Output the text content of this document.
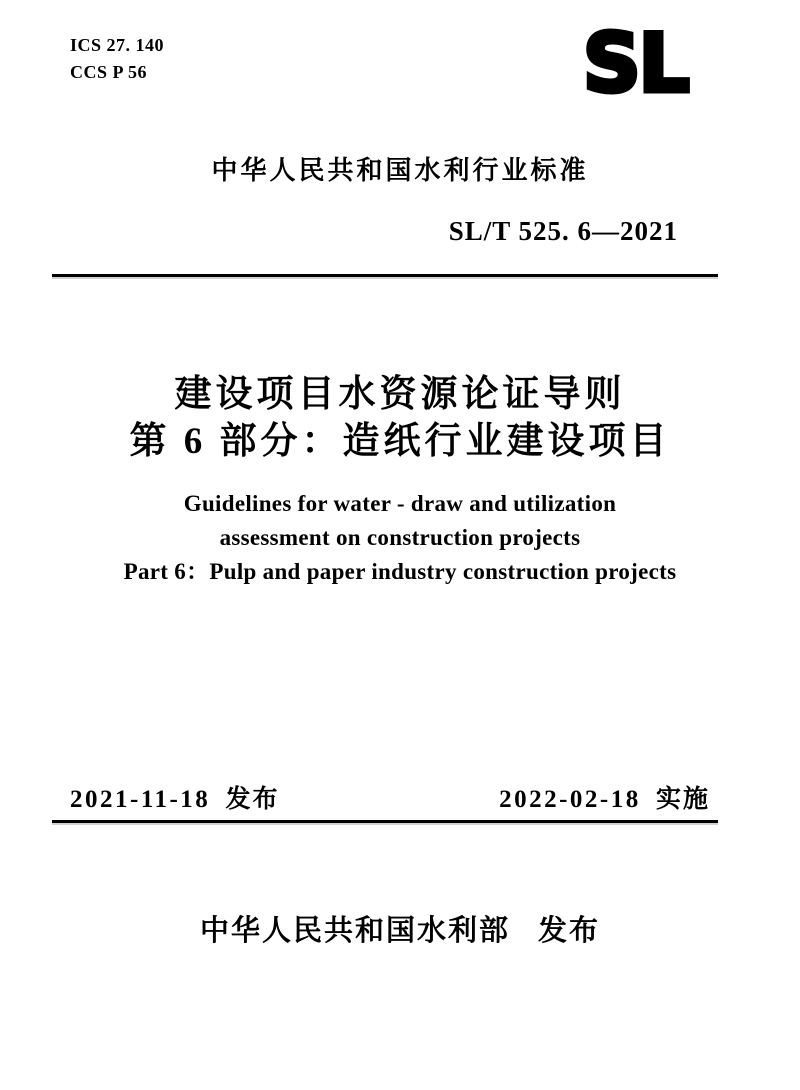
ICS 27. 140
CCS P 56	SL
中华人民共和国水利行业标准
SL/T 525. 6—2021
建设项目水资源论证导则
第 6 部分：造纸行业建设项目
Guidelines for water - draw and utilization
assessment on construction projects
Part 6：Pulp and paper industry construction projects
2021-11-18 发布	2022-02-18 实施
中华人民共和国水利部 发布
